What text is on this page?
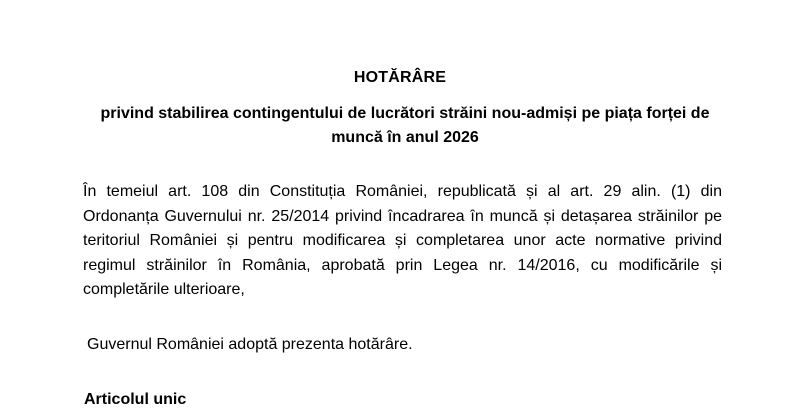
HOTĂRÂRE
privind stabilirea contingentului de lucrători străini nou-admiși pe piața forței de
muncă în anul 2026
În temeiul art. 108 din Constituția României, republicată și al art. 29 alin. (1) din
Ordonanța Guvernului nr. 25/2014 privind încadrarea în muncă și detașarea străinilor pe
teritoriul României și pentru modificarea și completarea unor acte normative privind
regimul străinilor în România, aprobată prin Legea nr. 14/2016, cu modificările și
completările ulterioare,
Guvernul României adoptă prezenta hotărâre.
Articolul unic
